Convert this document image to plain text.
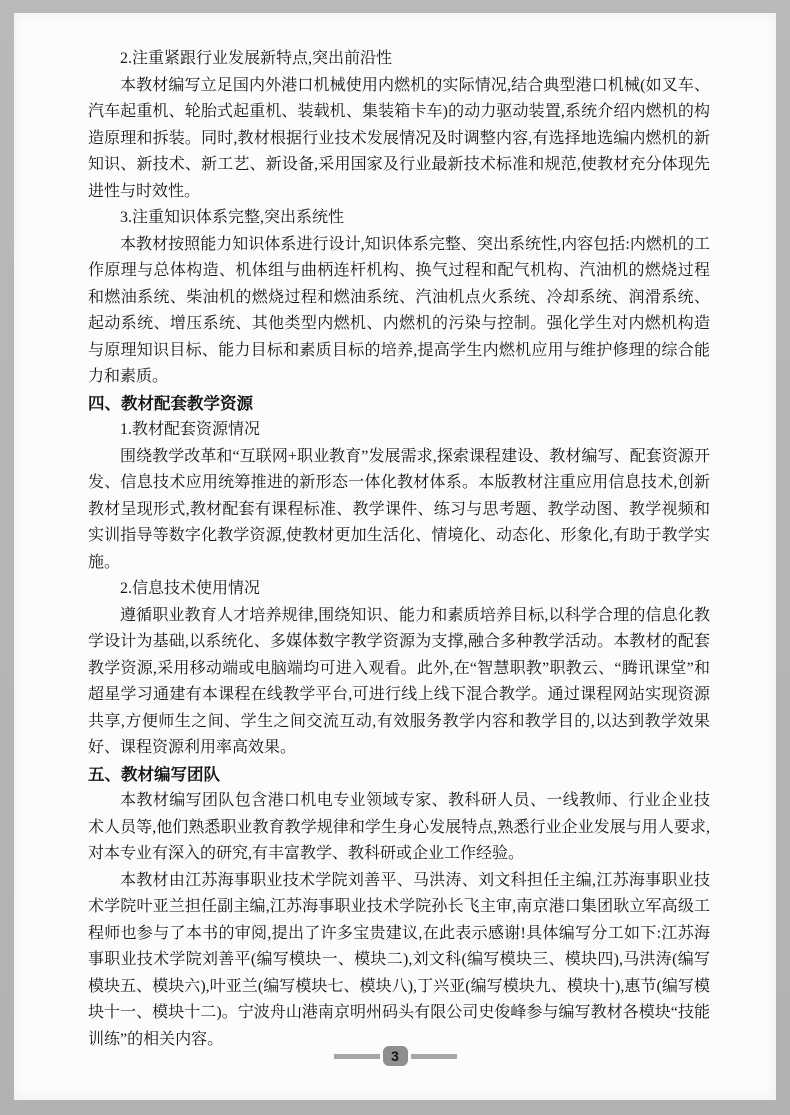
2.注重紧跟行业发展新特点,突出前沿性

本教材编写立足国内外港口机械使用内燃机的实际情况,结合典型港口机械(如叉车、汽车起重机、轮胎式起重机、装载机、集装箱卡车)的动力驱动装置,系统介绍内燃机的构造原理和拆装。同时,教材根据行业技术发展情况及时调整内容,有选择地选编内燃机的新知识、新技术、新工艺、新设备,采用国家及行业最新技术标准和规范,使教材充分体现先进性与时效性。

3.注重知识体系完整,突出系统性

本教材按照能力知识体系进行设计,知识体系完整、突出系统性,内容包括:内燃机的工作原理与总体构造、机体组与曲柄连杆机构、换气过程和配气机构、汽油机的燃烧过程和燃油系统、柴油机的燃烧过程和燃油系统、汽油机点火系统、冷却系统、润滑系统、起动系统、增压系统、其他类型内燃机、内燃机的污染与控制。强化学生对内燃机构造与原理知识目标、能力目标和素质目标的培养,提高学生内燃机应用与维护修理的综合能力和素质。

四、教材配套教学资源

1.教材配套资源情况

围绕教学改革和“互联网+职业教育”发展需求,探索课程建设、教材编写、配套资源开发、信息技术应用统筹推进的新形态一体化教材体系。本版教材注重应用信息技术,创新教材呈现形式,教材配套有课程标准、教学课件、练习与思考题、教学动图、教学视频和实训指导等数字化教学资源,使教材更加生活化、情境化、动态化、形象化,有助于教学实施。

2.信息技术使用情况

遵循职业教育人才培养规律,围绕知识、能力和素质培养目标,以科学合理的信息化教学设计为基础,以系统化、多媒体数字教学资源为支撑,融合多种教学活动。本教材的配套教学资源,采用移动端或电脑端均可进入观看。此外,在“智慧职教”职教云、“腾讯课堂”和超星学习通建有本课程在线教学平台,可进行线上线下混合教学。通过课程网站实现资源共享,方便师生之间、学生之间交流互动,有效服务教学内容和教学目的,以达到教学效果好、课程资源利用率高效果。

五、教材编写团队

本教材编写团队包含港口机电专业领域专家、教科研人员、一线教师、行业企业技术人员等,他们熟悉职业教育教学规律和学生身心发展特点,熟悉行业企业发展与用人要求,对本专业有深入的研究,有丰富教学、教科研或企业工作经验。

本教材由江苏海事职业技术学院刘善平、马洪涛、刘文科担任主编,江苏海事职业技术学院叶亚兰担任副主编,江苏海事职业技术学院孙长飞主审,南京港口集团耿立军高级工程师也参与了本书的审阅,提出了许多宝贵建议,在此表示感谢!具体编写分工如下:江苏海事职业技术学院刘善平(编写模块一、模块二),刘文科(编写模块三、模块四),马洪涛(编写模块五、模块六),叶亚兰(编写模块七、模块八),丁兴亚(编写模块九、模块十),惠节(编写模块十一、模块十二)。宁波舟山港南京明州码头有限公司史俊峰参与编写教材各模块“技能训练”的相关内容。

3
